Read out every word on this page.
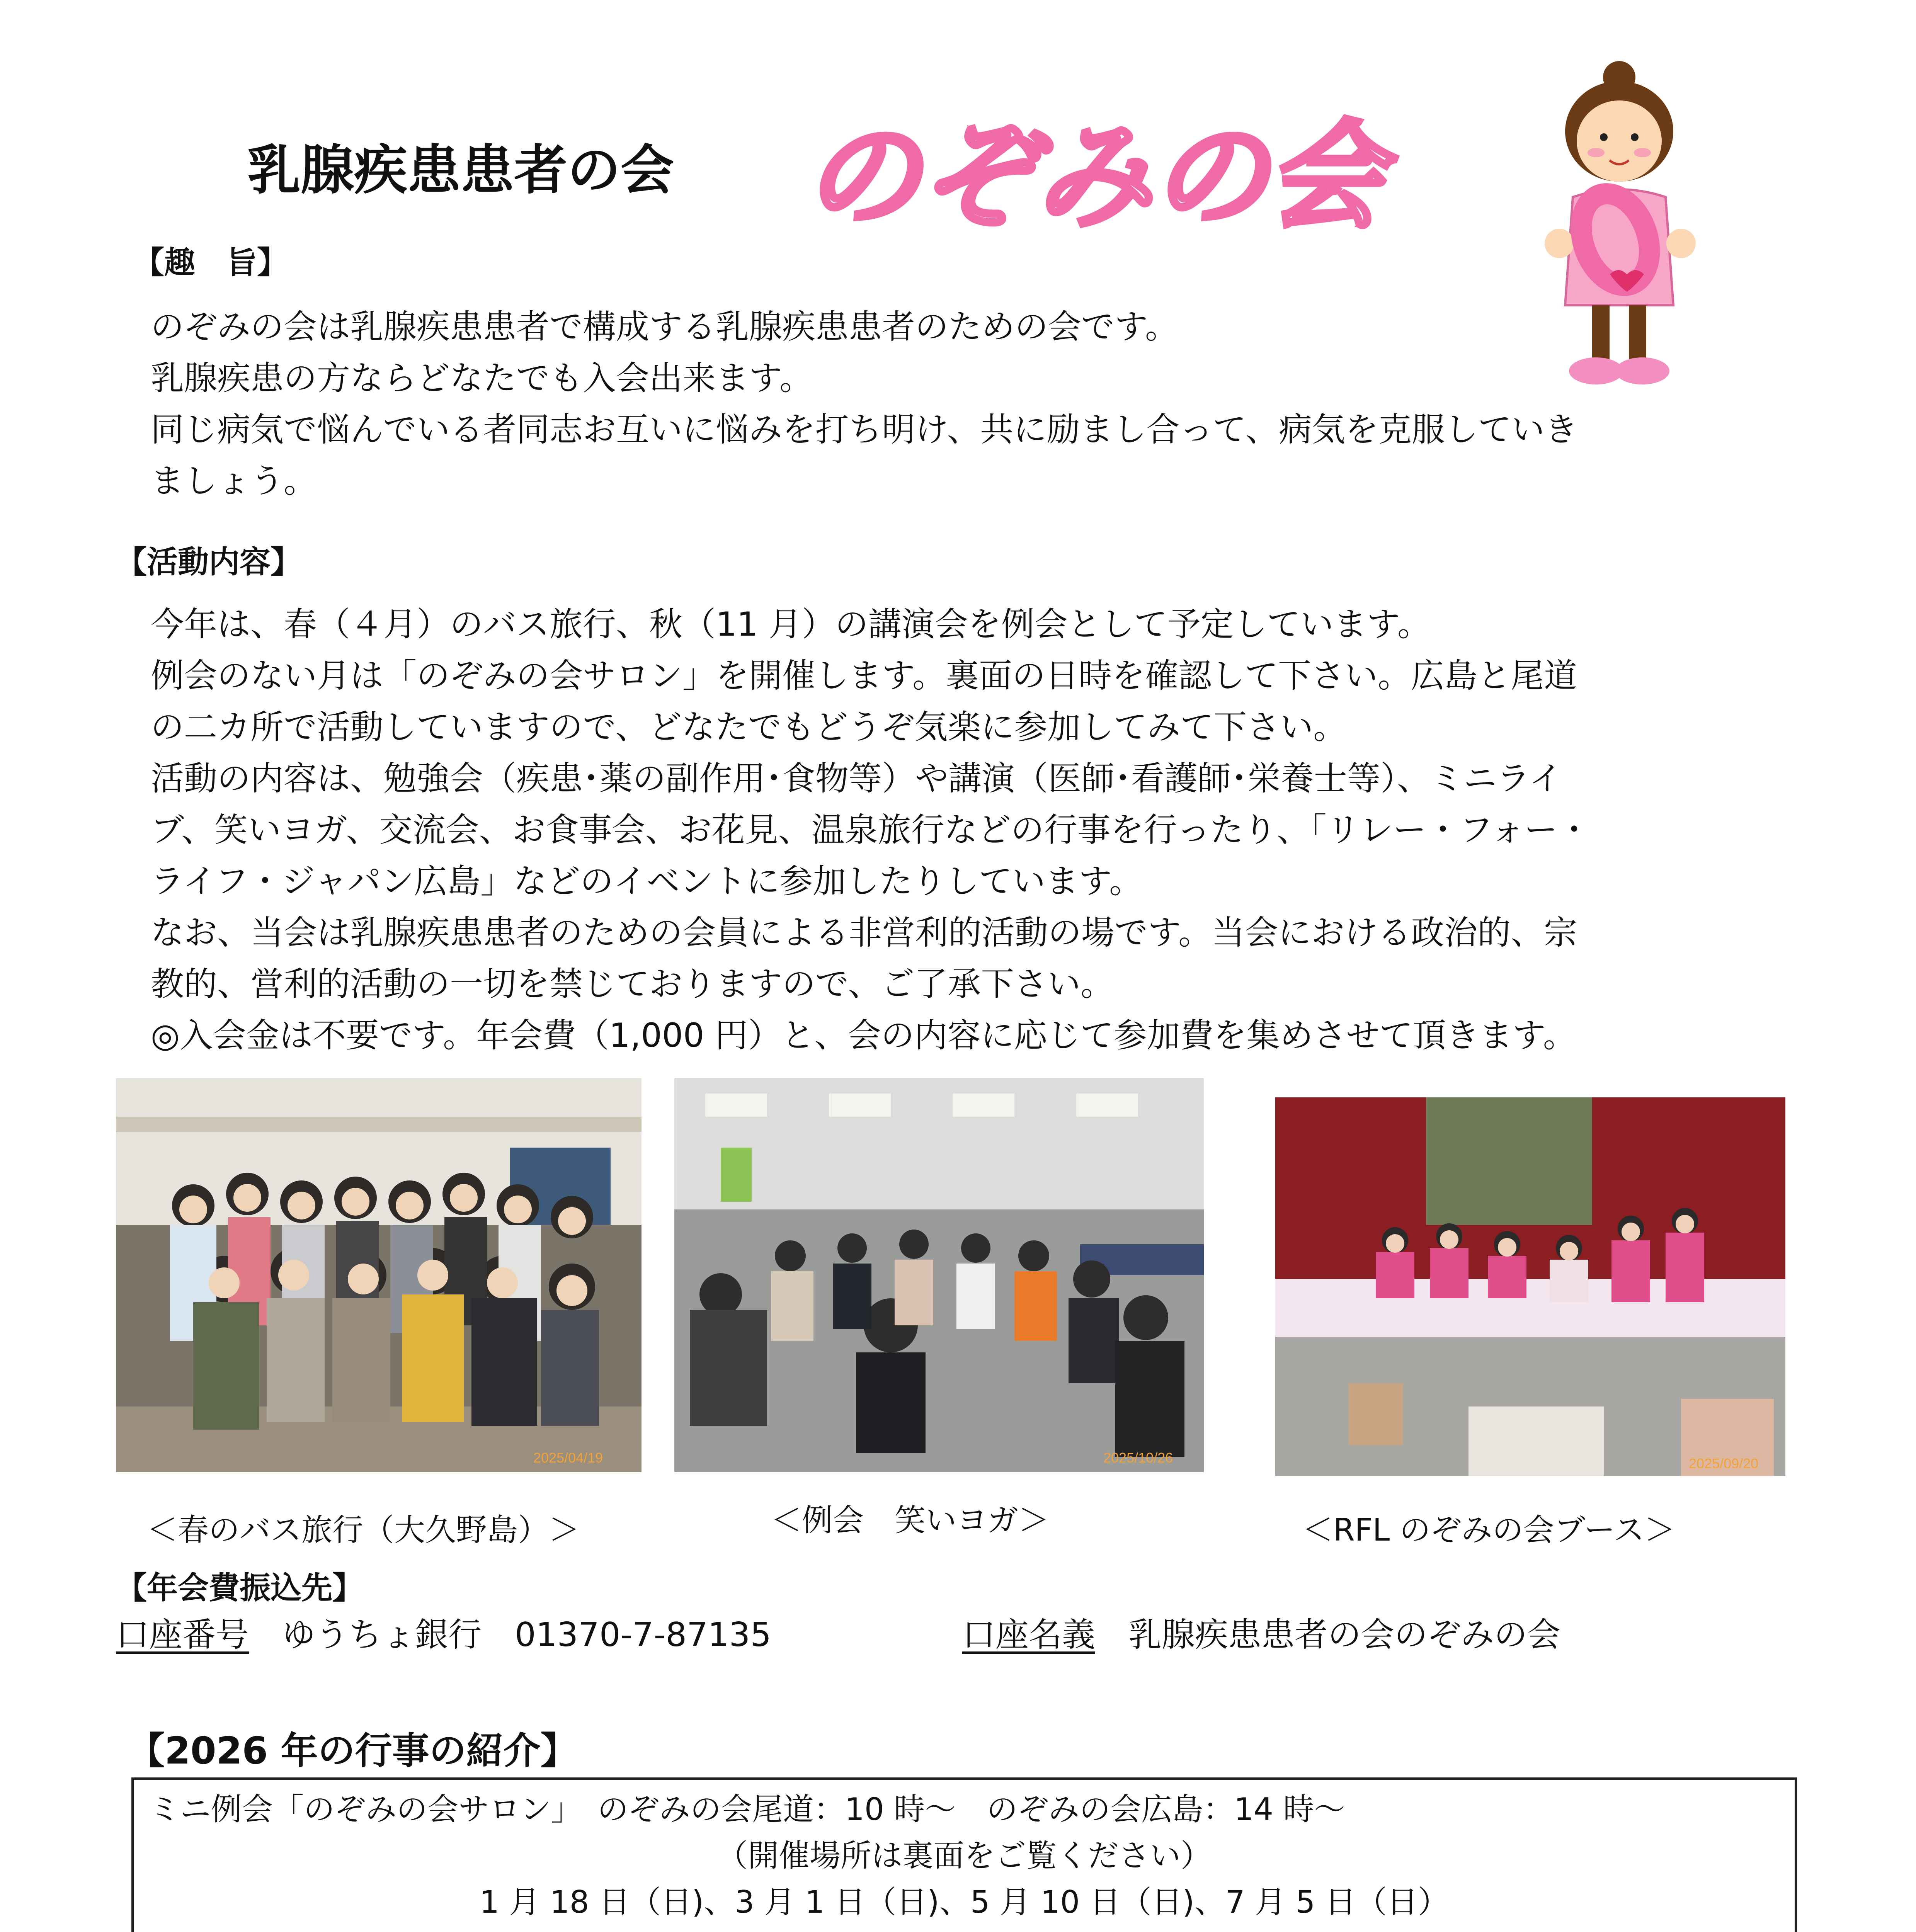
乳腺疾患患者の会 のぞみの会
【趣　旨】
のぞみの会は乳腺疾患患者で構成する乳腺疾患患者のための会です。
乳腺疾患の方ならどなたでも入会出来ます。
同じ病気で悩んでいる者同志お互いに悩みを打ち明け、共に励まし合って、病気を克服していき
ましょう。
【活動内容】
今年は、春（４月）のバス旅行、秋（11 月）の講演会を例会として予定しています。
例会のない月は「のぞみの会サロン」を開催します。裏面の日時を確認して下さい。広島と尾道
の二カ所で活動していますので、どなたでもどうぞ気楽に参加してみて下さい。
活動の内容は、勉強会（疾患･薬の副作用･食物等）や講演（医師･看護師･栄養士等）、ミニライ
ブ、笑いヨガ、交流会、お食事会、お花見、温泉旅行などの行事を行ったり、「リレー・フォー・
ライフ・ジャパン広島」などのイベントに参加したりしています。
なお、当会は乳腺疾患患者のための会員による非営利的活動の場です。当会における政治的、宗
教的、営利的活動の一切を禁じておりますので、ご了承下さい。
◎入会金は不要です。年会費（1,000 円）と、会の内容に応じて参加費を集めさせて頂きます。
2025/04/19	2025/10/26	2025/09/20
＜春のバス旅行（大久野島）＞	＜例会　笑いヨガ＞	＜RFL のぞみの会ブース＞
【年会費振込先】
口座番号　 ゆうちょ銀行　01370-7-87135	口座名義　 乳腺疾患患者の会のぞみの会
【2026 年の行事の紹介】
ミニ例会「のぞみの会サロン」　のぞみの会尾道：10 時～　のぞみの会広島：14 時～
（開催場所は裏面をご覧ください）
1 月 18 日（日)、3 月 1 日（日)、5 月 10 日（日)、7 月 5 日（日）	
